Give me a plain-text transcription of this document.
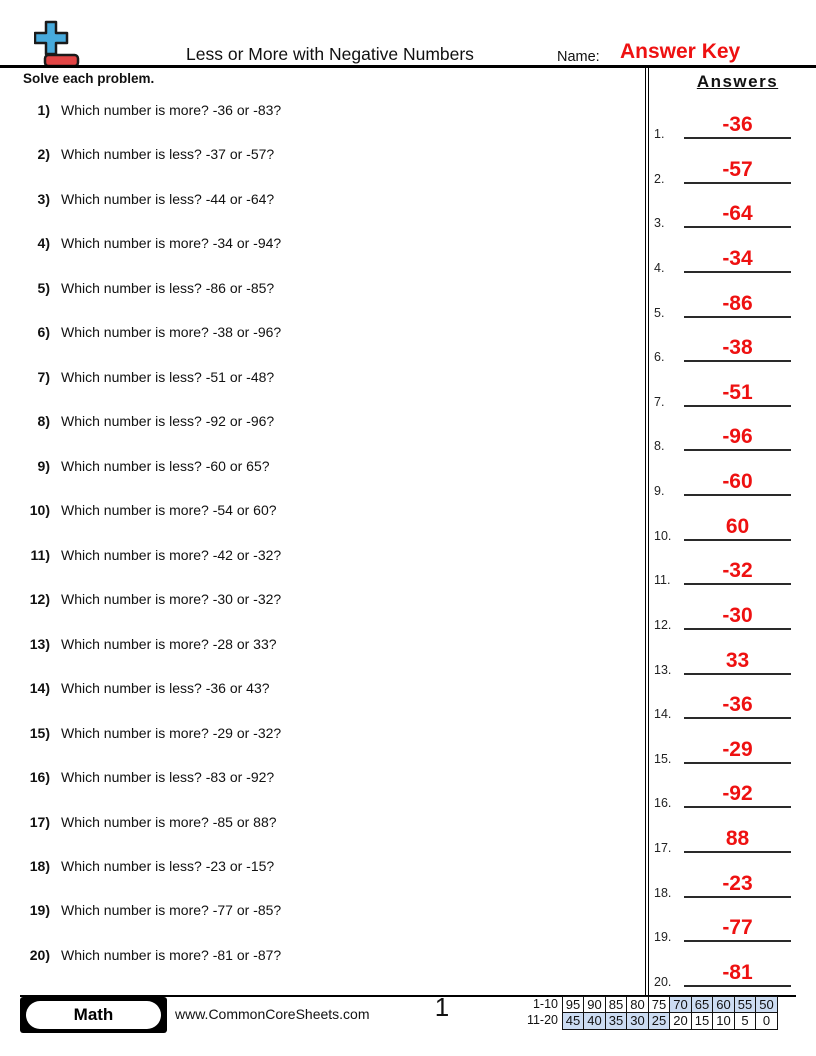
Less or More with Negative Numbers	Name: Answer Key
Solve each problem.
1) Which number is more? -36 or -83?
2) Which number is less? -37 or -57?
3) Which number is less? -44 or -64?
4) Which number is more? -34 or -94?
5) Which number is less? -86 or -85?
6) Which number is more? -38 or -96?
7) Which number is less? -51 or -48?
8) Which number is less? -92 or -96?
9) Which number is less? -60 or 65?
10) Which number is more? -54 or 60?
11) Which number is more? -42 or -32?
12) Which number is more? -30 or -32?
13) Which number is more? -28 or 33?
14) Which number is less? -36 or 43?
15) Which number is more? -29 or -32?
16) Which number is less? -83 or -92?
17) Which number is more? -85 or 88?
18) Which number is less? -23 or -15?
19) Which number is more? -77 or -85?
20) Which number is more? -81 or -87?
Answers
1.	-36
2.	-57
3.	-64
4.	-34
5.	-86
6.	-38
7.	-51
8.	-96
9.	-60
10.	60
11.	-32
12.	-30
13.	33
14.	-36
15.	-29
16.	-92
17.	88
18.	-23
19.	-77
20.	-81
Math	www.CommonCoreSheets.com	1	1-10 95 90 85 80 75 70 65 60 55 50
11-20 45 40 35 30 25 20 15 10 5	0
